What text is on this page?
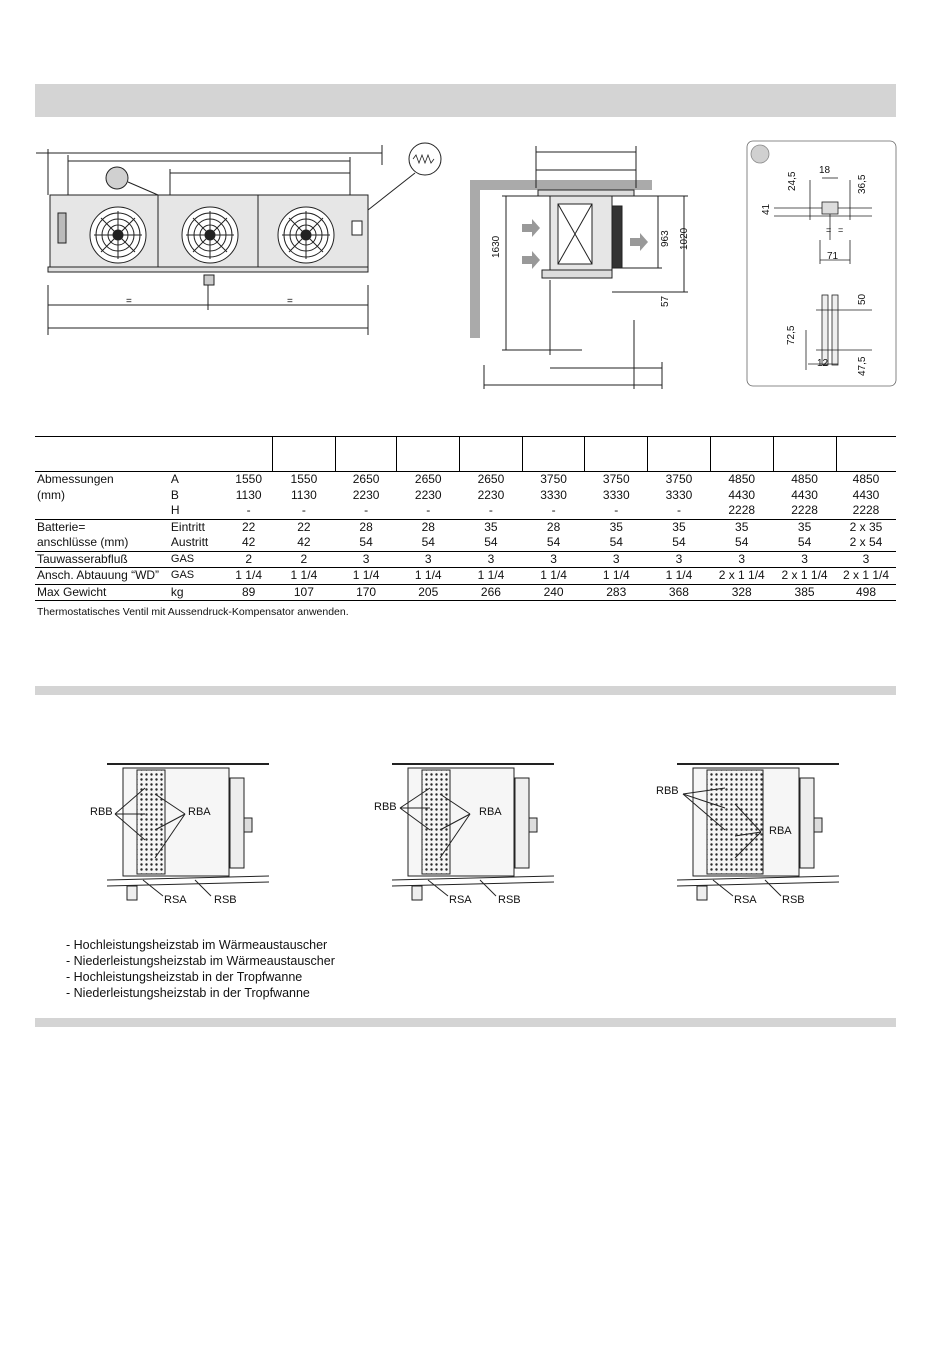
=	=
1630	963 1020
57
18
24,5	36,5
41
= =
71
50
72,5
12	47,5

Abmessungen	A	1550	1550	2650	2650	2650	3750	3750	3750	4850	4850	4850
(mm)	B	1130	1130	2230	2230	2230	3330	3330	3330	4430	4430	4430
	H	-	-	-	-	-	-	-	-	2228	2228	2228
Batterie=	Eintritt	22	22	28	28	35	28	35	35	35	35	2 x 35
anschlüsse (mm)	Austritt	42	42	54	54	54	54	54	54	54	54	2 x 54
Tauwasserabfluß	GAS	2	2	3	3	3	3	3	3	3	3	3
Ansch. Abtauung “WD”	GAS	1 1/4	1 1/4	1 1/4	1 1/4	1 1/4	1 1/4	1 1/4	1 1/4	2 x 1 1/4	2 x 1 1/4	2 x 1 1/4
Max Gewicht	kg	89	107	170	205	266	240	283	368	328	385	498
Thermostatisches Ventil mit Aussendruck-Kompensator anwenden.
RBB	RBA
RSA RSB
RBB	RBA
RSA RSB
RBB
RBA
RSA RSB
- Hochleistungsheizstab im Wärmeaustauscher
- Niederleistungsheizstab im Wärmeaustauscher
- Hochleistungsheizstab in der Tropfwanne
- Niederleistungsheizstab in der Tropfwanne
